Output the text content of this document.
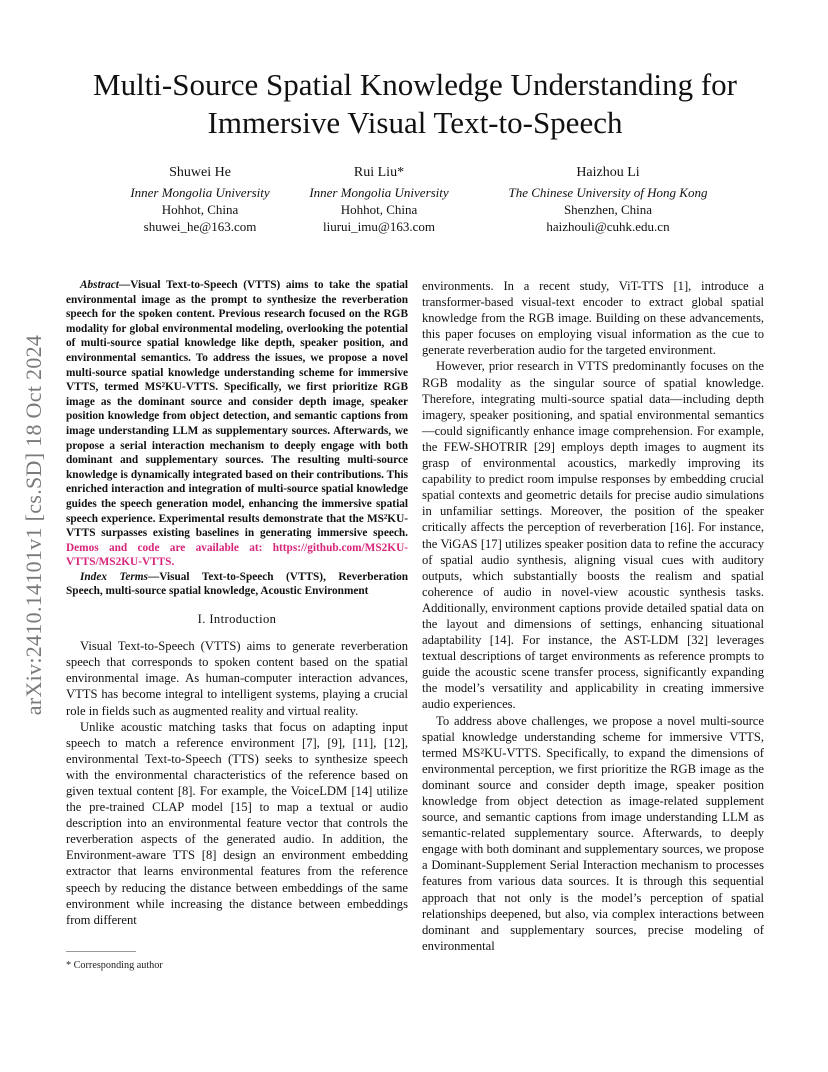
arXiv:2410.14101v1 [cs.SD] 18 Oct 2024
Multi-Source Spatial Knowledge Understanding for
Immersive Visual Text-to-Speech
Shuwei He
Inner Mongolia University
Hohhot, China
shuwei_he@163.com
Rui Liu*
Inner Mongolia University
Hohhot, China
liurui_imu@163.com
Haizhou Li
The Chinese University of Hong Kong
Shenzhen, China
haizhouli@cuhk.edu.cn

Abstract—Visual Text-to-Speech (VTTS) aims to take the spatial environmental image as the prompt to synthesize the reverberation speech for the spoken content. Previous research focused on the RGB modality for global environmental modeling, overlooking the potential of multi-source spatial knowledge like depth, speaker position, and environmental semantics. To address the issues, we propose a novel multi-source spatial knowledge understanding scheme for immersive VTTS, termed MS²KU-VTTS. Specifically, we first prioritize RGB image as the dominant source and consider depth image, speaker position knowledge from object detection, and semantic captions from image understanding LLM as supplementary sources. Afterwards, we propose a serial interaction mechanism to deeply engage with both dominant and supplementary sources. The resulting multi-source knowledge is dynamically integrated based on their contributions. This enriched interaction and integration of multi-source spatial knowledge guides the speech generation model, enhancing the immersive spatial speech experience. Experimental results demonstrate that the MS²KU-VTTS surpasses existing baselines in generating immersive speech. Demos and code are available at: https://github.com/MS2KU-VTTS/MS2KU-VTTS.

Index Terms—Visual Text-to-Speech (VTTS), Reverberation Speech, multi-source spatial knowledge, Acoustic Environment

I. Introduction

Visual Text-to-Speech (VTTS) aims to generate reverberation speech that corresponds to spoken content based on the spatial environmental image. As human-computer interaction advances, VTTS has become integral to intelligent systems, playing a crucial role in fields such as augmented reality and virtual reality.

Unlike acoustic matching tasks that focus on adapting input speech to match a reference environment [7], [9], [11], [12], environmental Text-to-Speech (TTS) seeks to synthesize speech with the environmental characteristics of the reference based on given textual content [8]. For example, the VoiceLDM [14] utilize the pre-trained CLAP model [15] to map a textual or audio description into an environmental feature vector that controls the reverberation aspects of the generated audio. In addition, the Environment-aware TTS [8] design an environment embedding extractor that learns environmental features from the reference speech by reducing the distance between embeddings of the same environment while increasing the distance between embeddings from different

* Corresponding author

environments. In a recent study, ViT-TTS [1], introduce a transformer-based visual-text encoder to extract global spatial knowledge from the RGB image. Building on these advancements, this paper focuses on employing visual information as the cue to generate reverberation audio for the targeted environment.

However, prior research in VTTS predominantly focuses on the RGB modality as the singular source of spatial knowledge. Therefore, integrating multi-source spatial data—including depth imagery, speaker positioning, and spatial environmental semantics—could significantly enhance image comprehension. For example, the FEW-SHOTRIR [29] employs depth images to augment its grasp of environmental acoustics, markedly improving its capability to predict room impulse responses by embedding crucial spatial contexts and geometric details for precise audio simulations in unfamiliar settings. Moreover, the position of the speaker critically affects the perception of reverberation [16]. For instance, the ViGAS [17] utilizes speaker position data to refine the accuracy of spatial audio synthesis, aligning visual cues with auditory outputs, which substantially boosts the realism and spatial coherence of audio in novel-view acoustic synthesis tasks. Additionally, environment captions provide detailed spatial data on the layout and dimensions of settings, enhancing situational adaptability [14]. For instance, the AST-LDM [32] leverages textual descriptions of target environments as reference prompts to guide the acoustic scene transfer process, significantly expanding the model’s versatility and applicability in creating immersive audio experiences.

To address above challenges, we propose a novel multi-source spatial knowledge understanding scheme for immersive VTTS, termed MS²KU-VTTS. Specifically, to expand the dimensions of environmental perception, we first prioritize the RGB image as the dominant source and consider depth image, speaker position knowledge from object detection as image-related supplement source, and semantic captions from image understanding LLM as semantic-related supplementary source. Afterwards, to deeply engage with both dominant and supplementary sources, we propose a Dominant-Supplement Serial Interaction mechanism to processes features from various data sources. It is through this sequential approach that not only is the model’s perception of spatial relationships deepened, but also, via complex interactions between dominant and supplementary sources, precise modeling of environmental
